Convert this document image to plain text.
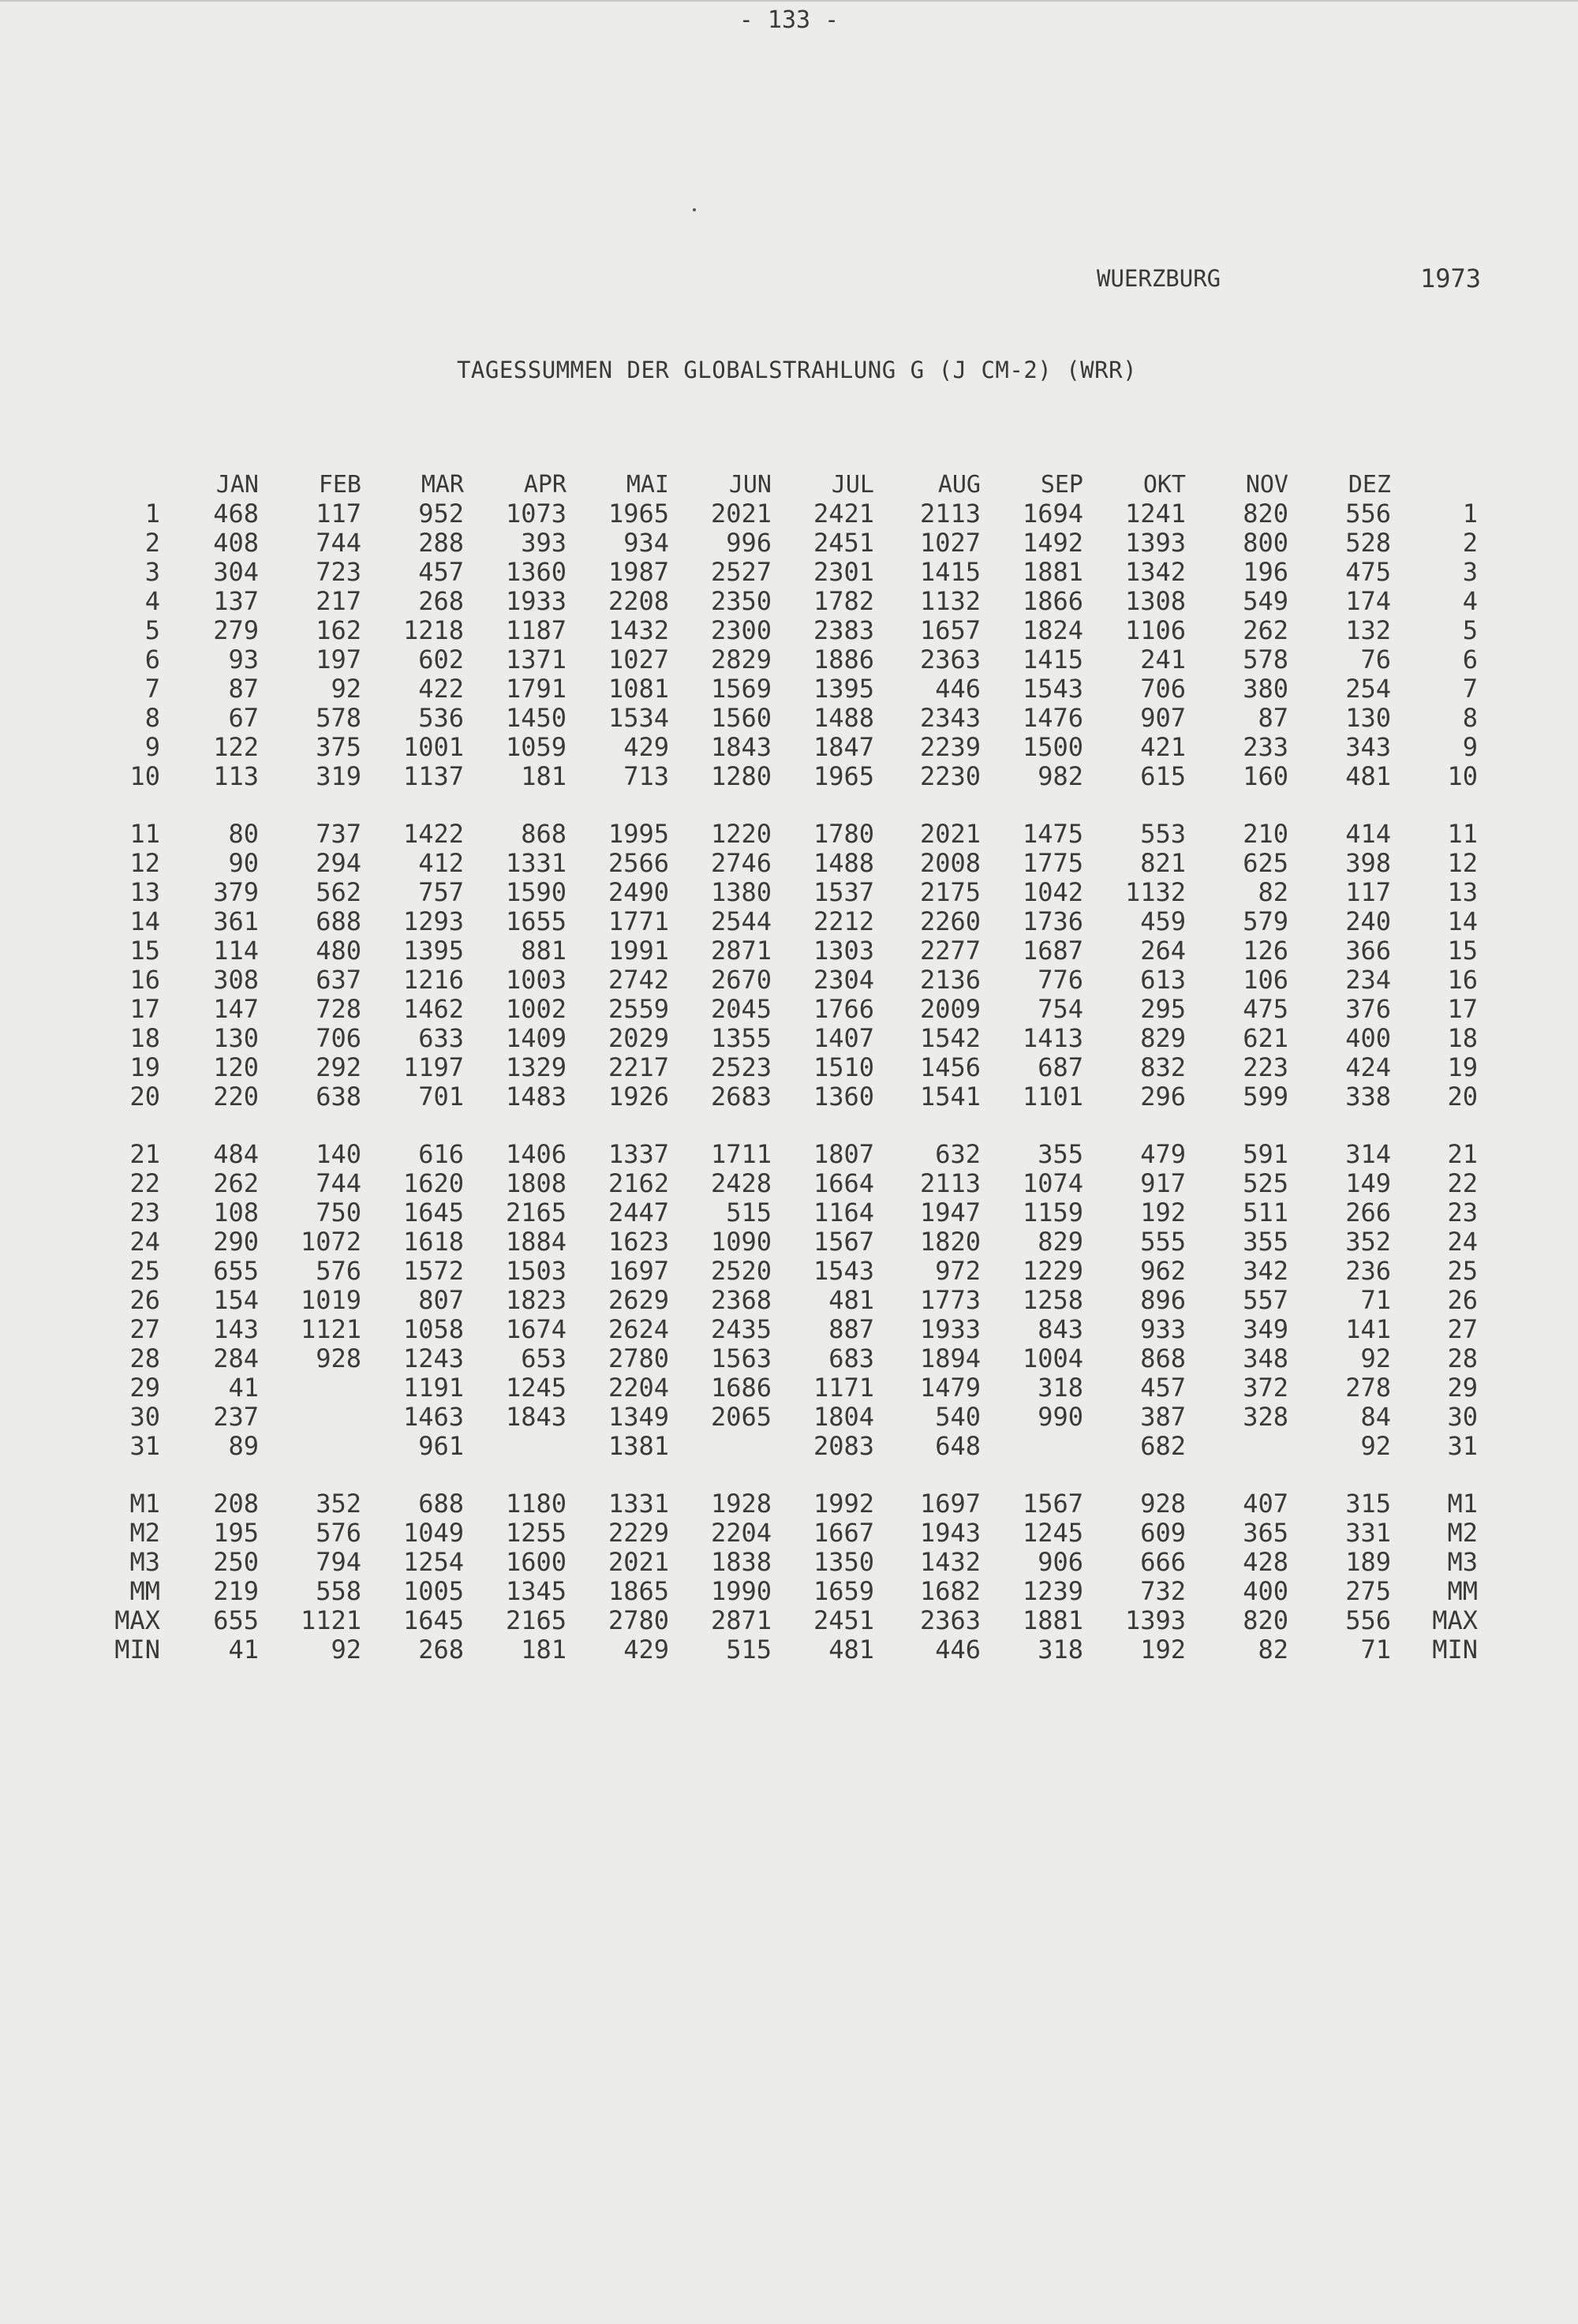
- 133 -
WUERZBURG	1973
TAGESSUMMEN DER GLOBALSTRAHLUNG G (J CM-2) (WRR)
	JAN	FEB	MAR	APR	MAI	JUN	JUL	AUG	SEP	OKT	NOV	DEZ	
1	468	117	952	1073	1965	2021	2421	2113	1694	1241	820	556	1
2	408	744	288	393	934	996	2451	1027	1492	1393	800	528	2
3	304	723	457	1360	1987	2527	2301	1415	1881	1342	196	475	3
4	137	217	268	1933	2208	2350	1782	1132	1866	1308	549	174	4
5	279	162	1218	1187	1432	2300	2383	1657	1824	1106	262	132	5
6	93	197	602	1371	1027	2829	1886	2363	1415	241	578	76	6
7	87	92	422	1791	1081	1569	1395	446	1543	706	380	254	7
8	67	578	536	1450	1534	1560	1488	2343	1476	907	87	130	8
9	122	375	1001	1059	429	1843	1847	2239	1500	421	233	343	9
10	113	319	1137	181	713	1280	1965	2230	982	615	160	481	10

11	80	737	1422	868	1995	1220	1780	2021	1475	553	210	414	11
12	90	294	412	1331	2566	2746	1488	2008	1775	821	625	398	12
13	379	562	757	1590	2490	1380	1537	2175	1042	1132	82	117	13
14	361	688	1293	1655	1771	2544	2212	2260	1736	459	579	240	14
15	114	480	1395	881	1991	2871	1303	2277	1687	264	126	366	15
16	308	637	1216	1003	2742	2670	2304	2136	776	613	106	234	16
17	147	728	1462	1002	2559	2045	1766	2009	754	295	475	376	17
18	130	706	633	1409	2029	1355	1407	1542	1413	829	621	400	18
19	120	292	1197	1329	2217	2523	1510	1456	687	832	223	424	19
20	220	638	701	1483	1926	2683	1360	1541	1101	296	599	338	20

21	484	140	616	1406	1337	1711	1807	632	355	479	591	314	21
22	262	744	1620	1808	2162	2428	1664	2113	1074	917	525	149	22
23	108	750	1645	2165	2447	515	1164	1947	1159	192	511	266	23
24	290	1072	1618	1884	1623	1090	1567	1820	829	555	355	352	24
25	655	576	1572	1503	1697	2520	1543	972	1229	962	342	236	25
26	154	1019	807	1823	2629	2368	481	1773	1258	896	557	71	26
27	143	1121	1058	1674	2624	2435	887	1933	843	933	349	141	27
28	284	928	1243	653	2780	1563	683	1894	1004	868	348	92	28
29	41		1191	1245	2204	1686	1171	1479	318	457	372	278	29
30	237		1463	1843	1349	2065	1804	540	990	387	328	84	30
31	89		961		1381		2083	648		682		92	31

M1	208	352	688	1180	1331	1928	1992	1697	1567	928	407	315	M1
M2	195	576	1049	1255	2229	2204	1667	1943	1245	609	365	331	M2
M3	250	794	1254	1600	2021	1838	1350	1432	906	666	428	189	M3
MM	219	558	1005	1345	1865	1990	1659	1682	1239	732	400	275	MM
MAX	655	1121	1645	2165	2780	2871	2451	2363	1881	1393	820	556	MAX
MIN	41	92	268	181	429	515	481	446	318	192	82	71	MIN
